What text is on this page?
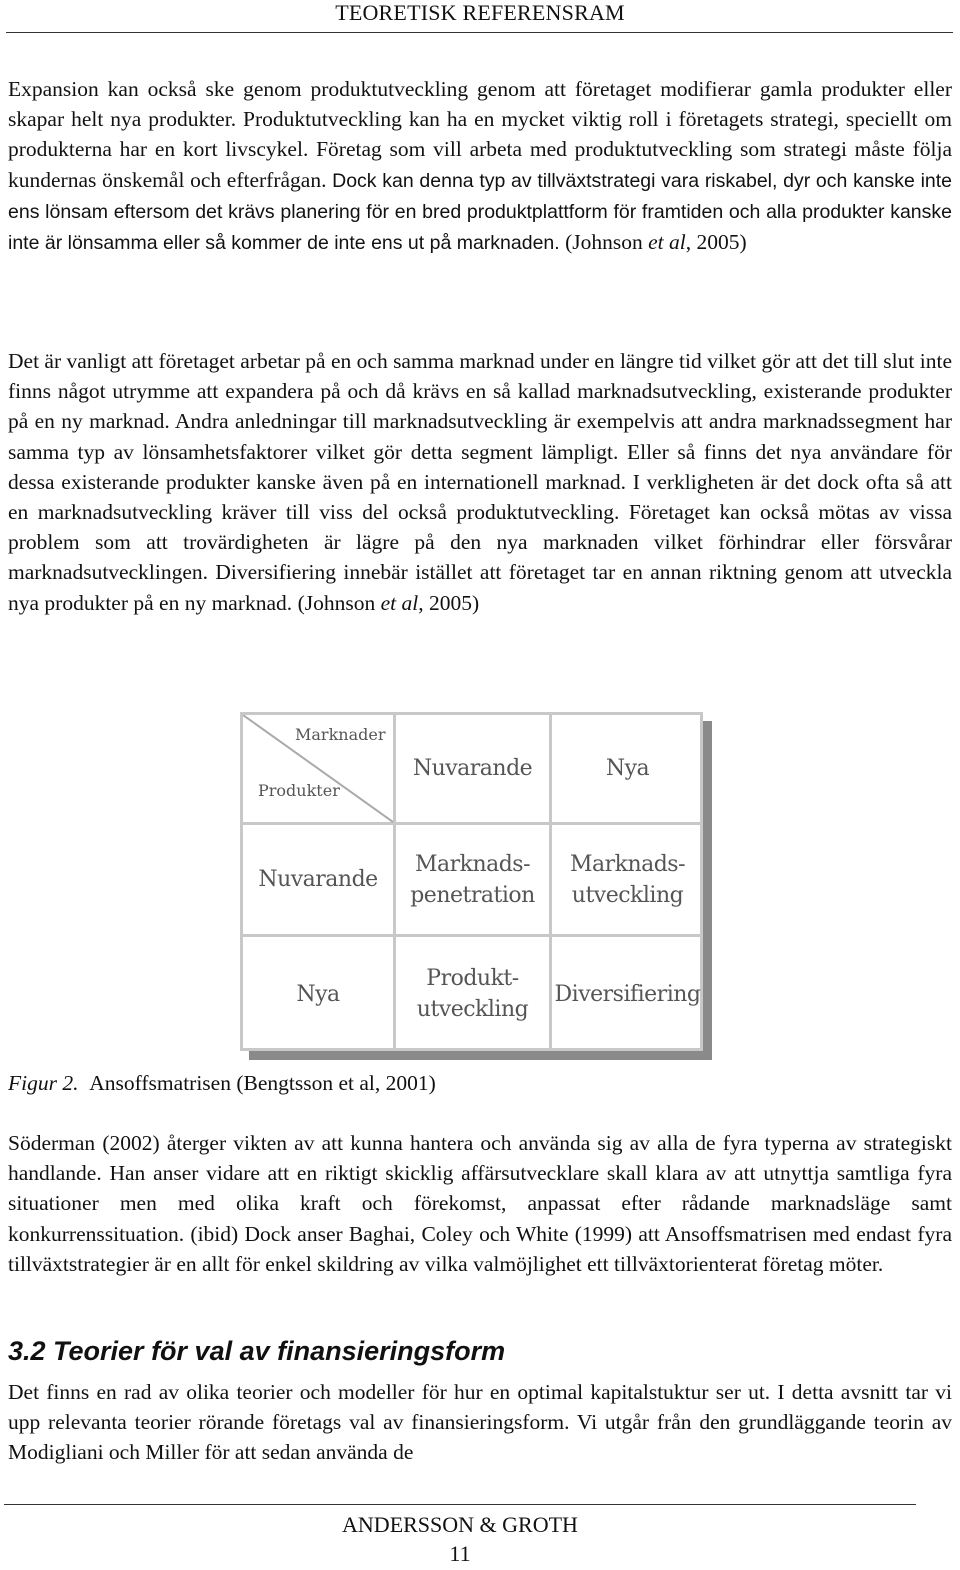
TEORETISK REFERENSRAM

Expansion kan också ske genom produktutveckling genom att företaget modifierar gamla produkter eller skapar helt nya produkter. Produktutveckling kan ha en mycket viktig roll i företagets strategi, speciellt om produkterna har en kort livscykel. Företag som vill arbeta med produktutveckling som strategi måste följa kundernas önskemål och efterfrågan. Dock kan denna typ av tillväxtstrategi vara riskabel, dyr och kanske inte ens lönsam eftersom det krävs planering för en bred produktplattform för framtiden och alla produkter kanske inte är lönsamma eller så kommer de inte ens ut på marknaden. (Johnson et al, 2005)

Det är vanligt att företaget arbetar på en och samma marknad under en längre tid vilket gör att det till slut inte finns något utrymme att expandera på och då krävs en så kallad marknadsutveckling, existerande produkter på en ny marknad. Andra anledningar till marknadsutveckling är exempelvis att andra marknadssegment har samma typ av lönsamhetsfaktorer vilket gör detta segment lämpligt. Eller så finns det nya användare för dessa existerande produkter kanske även på en internationell marknad. I verkligheten är det dock ofta så att en marknadsutveckling kräver till viss del också produktutveckling. Företaget kan också mötas av vissa problem som att trovärdigheten är lägre på den nya marknaden vilket förhindrar eller försvårar marknadsutvecklingen. Diversifiering innebär istället att företaget tar en annan riktning genom att utveckla nya produkter på en ny marknad. (Johnson et al, 2005)

Marknader
Produkter
Nuvarande	Nya
Nuvarande
Marknads-
penetration
Marknads-
utveckling
Nya
Produkt-
utveckling
Diversifiering
Figur 2. Ansoffsmatrisen (Bengtsson et al, 2001)

Söderman (2002) återger vikten av att kunna hantera och använda sig av alla de fyra typerna av strategiskt handlande. Han anser vidare att en riktigt skicklig affärsutvecklare skall klara av att utnyttja samtliga fyra situationer men med olika kraft och förekomst, anpassat efter rådande marknadsläge samt konkurrenssituation. (ibid) Dock anser Baghai, Coley och White (1999) att Ansoffsmatrisen med endast fyra tillväxtstrategier är en allt för enkel skildring av vilka valmöjlighet ett tillväxtorienterat företag möter.

3.2 Teorier för val av finansieringsform

Det finns en rad av olika teorier och modeller för hur en optimal kapitalstuktur ser ut. I detta avsnitt tar vi upp relevanta teorier rörande företags val av finansieringsform. Vi utgår från den grundläggande teorin av Modigliani och Miller för att sedan använda de

ANDERSSON & GROTH
11
